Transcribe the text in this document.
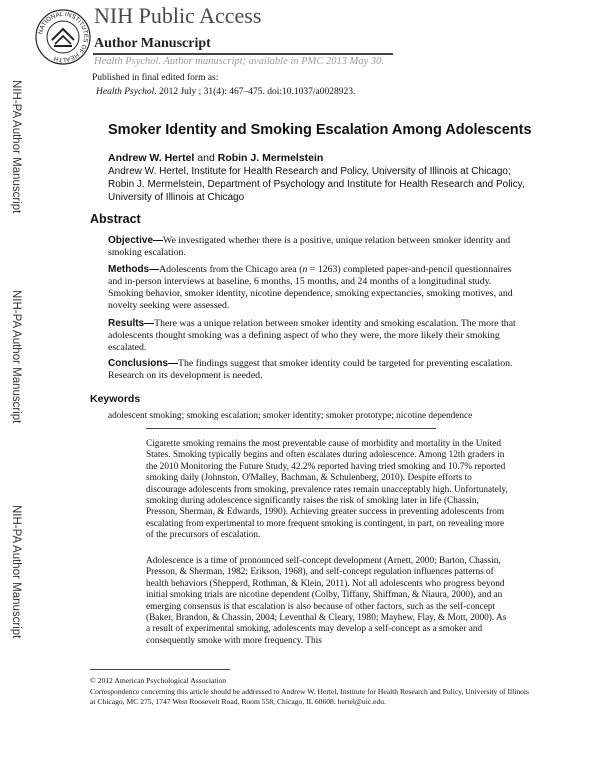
NATIONAL INSTITUTES OF HEALTH
NIH Public Access
Author Manuscript
Health Psychol. Author manuscript; available in PMC 2013 May 30.
Published in final edited form as:
Health Psychol. 2012 July ; 31(4): 467–475. doi:10.1037/a0028923.
NIH-PA Author Manuscript
NIH-PA Author Manuscript
NIH-PA Author Manuscript
Smoker Identity and Smoking Escalation Among Adolescents
Andrew W. Hertel and Robin J. Mermelstein
Andrew W. Hertel, Institute for Health Research and Policy, University of Illinois at Chicago; Robin J. Mermelstein, Department of Psychology and Institute for Health Research and Policy, University of Illinois at Chicago
Abstract
Objective—We investigated whether there is a positive, unique relation between smoker identity and smoking escalation.
Methods—Adolescents from the Chicago area (n = 1263) completed paper-and-pencil questionnaires and in-person interviews at baseline, 6 months, 15 months, and 24 months of a longitudinal study. Smoking behavior, smoker identity, nicotine dependence, smoking expectancies, smoking motives, and novelty seeking were assessed.
Results—There was a unique relation between smoker identity and smoking escalation. The more that adolescents thought smoking was a defining aspect of who they were, the more likely their smoking escalated.
Conclusions—The findings suggest that smoker identity could be targeted for preventing escalation. Research on its development is needed.
Keywords
adolescent smoking; smoking escalation; smoker identity; smoker prototype; nicotine dependence

Cigarette smoking remains the most preventable cause of morbidity and mortality in the United States. Smoking typically begins and often escalates during adolescence. Among 12th graders in the 2010 Monitoring the Future Study, 42.2% reported having tried smoking and 10.7% reported smoking daily (Johnston, O'Malley, Bachman, & Schulenberg, 2010). Despite efforts to discourage adolescents from smoking, prevalence rates remain unacceptably high. Unfortunately, smoking during adolescence significantly raises the risk of smoking later in life (Chassin, Presson, Sherman, & Edwards, 1990). Achieving greater success in preventing adolescents from escalating from experimental to more frequent smoking is contingent, in part, on revealing more of the precursors of escalation.

Adolescence is a time of pronounced self-concept development (Arnett, 2000; Barton, Chassin, Presson, & Sherman, 1982; Erikson, 1968), and self-concept regulation influences patterns of health behaviors (Shepperd, Rothman, & Klein, 2011). Not all adolescents who progress beyond initial smoking trials are nicotine dependent (Colby, Tiffany, Shiffman, & Niaura, 2000), and an emerging consensus is that escalation is also because of other factors, such as the self-concept (Baker, Brandon, & Chassin, 2004; Leventhal & Cleary, 1980; Mayhew, Flay, & Mott, 2000). As a result of experimental smoking, adolescents may develop a self-concept as a smoker and consequently smoke with more frequency. This

© 2012 American Psychological Association
Correspondence concerning this article should be addressed to Andrew W. Hertel, Institute for Health Research and Policy, University of Illinois at Chicago, MC 275, 1747 West Roosevelt Road, Room 558, Chicago, IL 60608. hertel@uic.edu.
